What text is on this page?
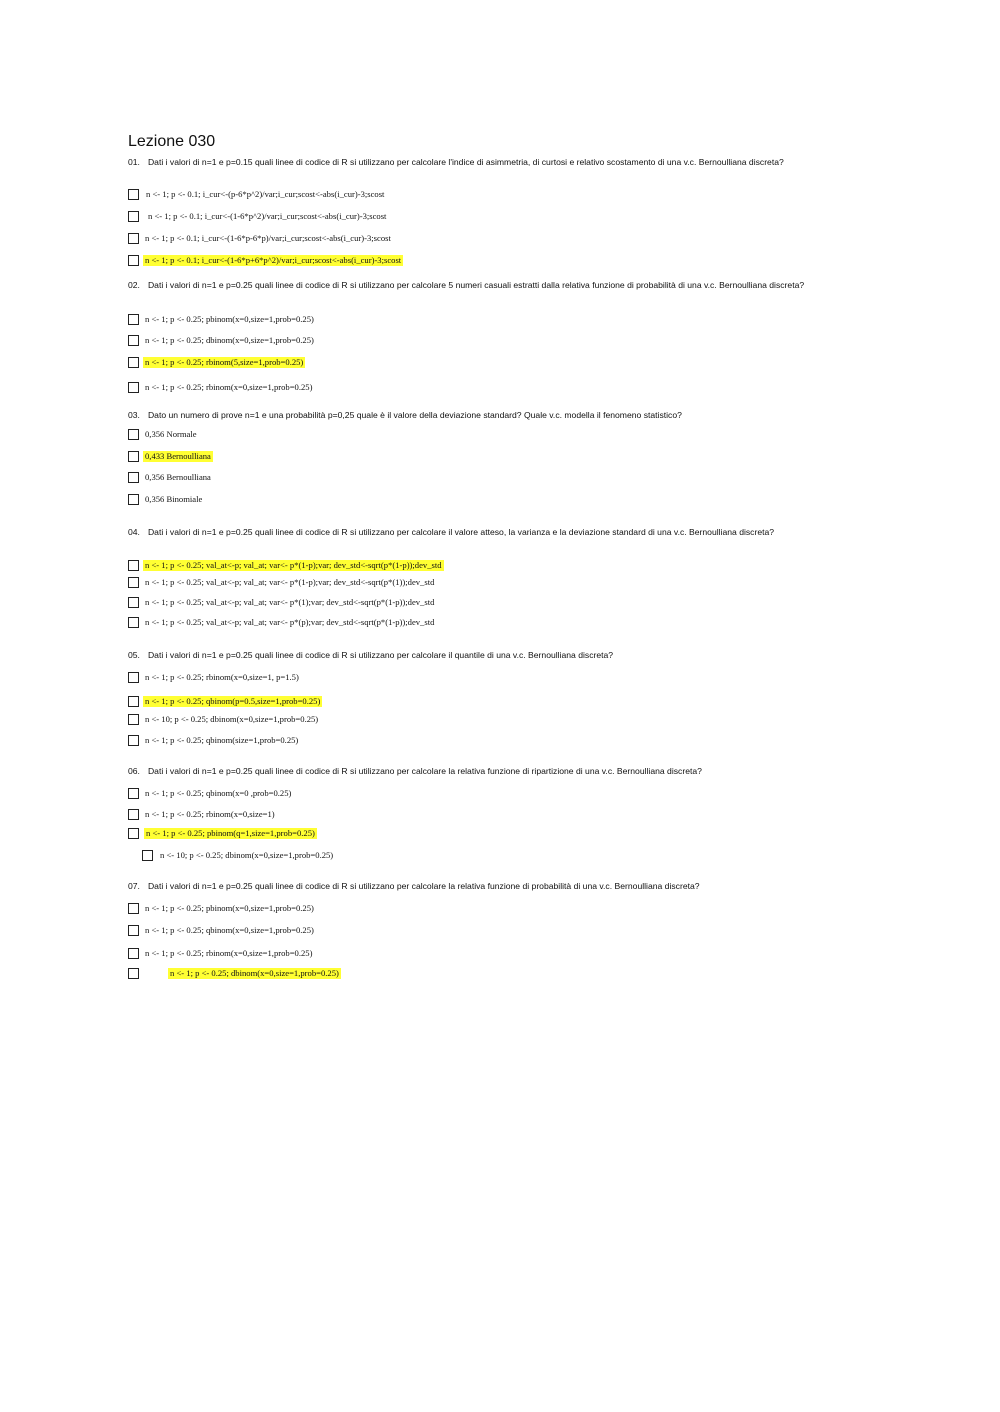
Lezione 030

01. Dati i valori di n=1 e p=0.15 quali linee di codice di R si utilizzano per calcolare l'indice di asimmetria, di curtosi e relativo scostamento di una v.c. Bernoulliana discreta?

n <- 1; p <- 0.1; i_cur<-(p-6*p^2)/var;i_cur;scost<-abs(i_cur)-3;scost
n <- 1; p <- 0.1; i_cur<-(1-6*p^2)/var;i_cur;scost<-abs(i_cur)-3;scost
n <- 1; p <- 0.1; i_cur<-(1-6*p-6*p)/var;i_cur;scost<-abs(i_cur)-3;scost
n <- 1; p <- 0.1; i_cur<-(1-6*p+6*p^2)/var;i_cur;scost<-abs(i_cur)-3;scost

02. Dati i valori di n=1 e p=0.25 quali linee di codice di R si utilizzano per calcolare 5 numeri casuali estratti dalla relativa funzione di probabilità di una v.c. Bernoulliana discreta?

n <- 1; p <- 0.25; pbinom(x=0,size=1,prob=0.25)
n <- 1; p <- 0.25; dbinom(x=0,size=1,prob=0.25)
n <- 1; p <- 0.25; rbinom(5,size=1,prob=0.25)
n <- 1; p <- 0.25; rbinom(x=0,size=1,prob=0.25)

03. Dato un numero di prove n=1 e una probabilità p=0,25 quale è il valore della deviazione standard? Quale v.c. modella il fenomeno statistico?

0,356 Normale
0,433 Bernoulliana
0,356 Bernoulliana
0,356 Binomiale

04. Dati i valori di n=1 e p=0.25 quali linee di codice di R si utilizzano per calcolare il valore atteso, la varianza e la deviazione standard di una v.c. Bernoulliana discreta?

n <- 1; p <- 0.25; val_at<-p; val_at; var<- p*(1-p);var; dev_std<-sqrt(p*(1-p));dev_std
n <- 1; p <- 0.25; val_at<-p; val_at; var<- p*(1-p);var; dev_std<-sqrt(p*(1));dev_std
n <- 1; p <- 0.25; val_at<-p; val_at; var<- p*(1);var; dev_std<-sqrt(p*(1-p));dev_std
n <- 1; p <- 0.25; val_at<-p; val_at; var<- p*(p);var; dev_std<-sqrt(p*(1-p));dev_std

05. Dati i valori di n=1 e p=0.25 quali linee di codice di R si utilizzano per calcolare il quantile di una v.c. Bernoulliana discreta?

n <- 1; p <- 0.25; rbinom(x=0,size=1, p=1.5)
n <- 1; p <- 0.25; qbinom(p=0.5,size=1,prob=0.25)
n <- 10; p <- 0.25; dbinom(x=0,size=1,prob=0.25)
n <- 1; p <- 0.25; qbinom(size=1,prob=0.25)

06. Dati i valori di n=1 e p=0.25 quali linee di codice di R si utilizzano per calcolare la relativa funzione di ripartizione di una v.c. Bernoulliana discreta?

n <- 1; p <- 0.25; qbinom(x=0 ,prob=0.25)
n <- 1; p <- 0.25; rbinom(x=0,size=1)
n <- 1; p <- 0.25; pbinom(q=1,size=1,prob=0.25)
n <- 10; p <- 0.25; dbinom(x=0,size=1,prob=0.25)

07. Dati i valori di n=1 e p=0.25 quali linee di codice di R si utilizzano per calcolare la relativa funzione di probabilità di una v.c. Bernoulliana discreta?

n <- 1; p <- 0.25; pbinom(x=0,size=1,prob=0.25)
n <- 1; p <- 0.25; qbinom(x=0,size=1,prob=0.25)
n <- 1; p <- 0.25; rbinom(x=0,size=1,prob=0.25)
n <- 1; p <- 0.25; dbinom(x=0,size=1,prob=0.25)
